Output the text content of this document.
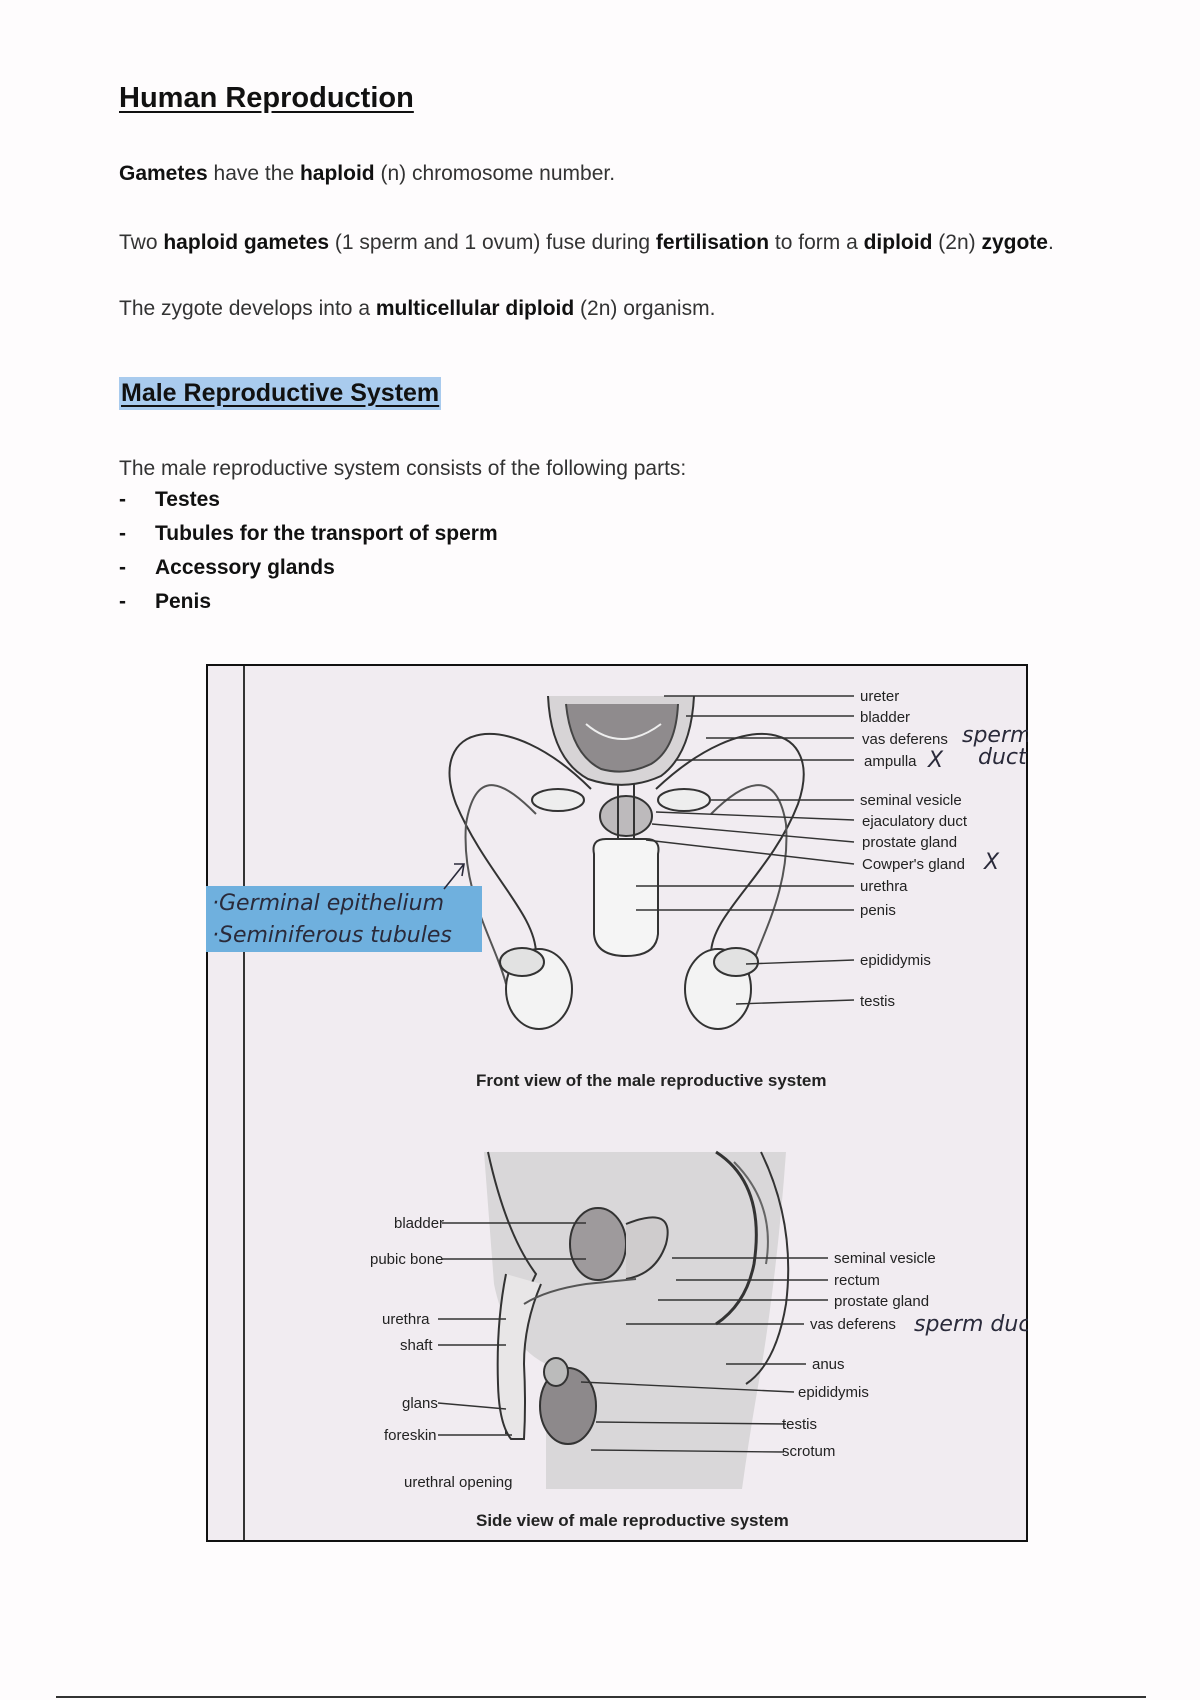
Human Reproduction

Gametes have the haploid (n) chromosome number.

Two haploid gametes (1 sperm and 1 ovum) fuse during fertilisation to form a diploid (2n) zygote.

The zygote develops into a multicellular diploid (2n) organism.

Male Reproductive System

The male reproductive system consists of the following parts:

-	Testes
-	Tubules for the transport of sperm
-	Accessory glands
-	Penis
ureter
bladder
vas deferens
ampulla
seminal vesicle
ejaculatory duct
prostate gland
Cowper's gland
urethra
penis
epididymis
testis
Front view of the male reproductive system
sperm
duct
X
X
·Germinal epithelium
·Seminiferous tubules
bladder
pubic bone
urethra
shaft
glans
foreskin
urethral opening
seminal vesicle
rectum
prostate gland
vas deferens
anus
epididymis
testis
scrotum
sperm duct
Side view of male reproductive system
